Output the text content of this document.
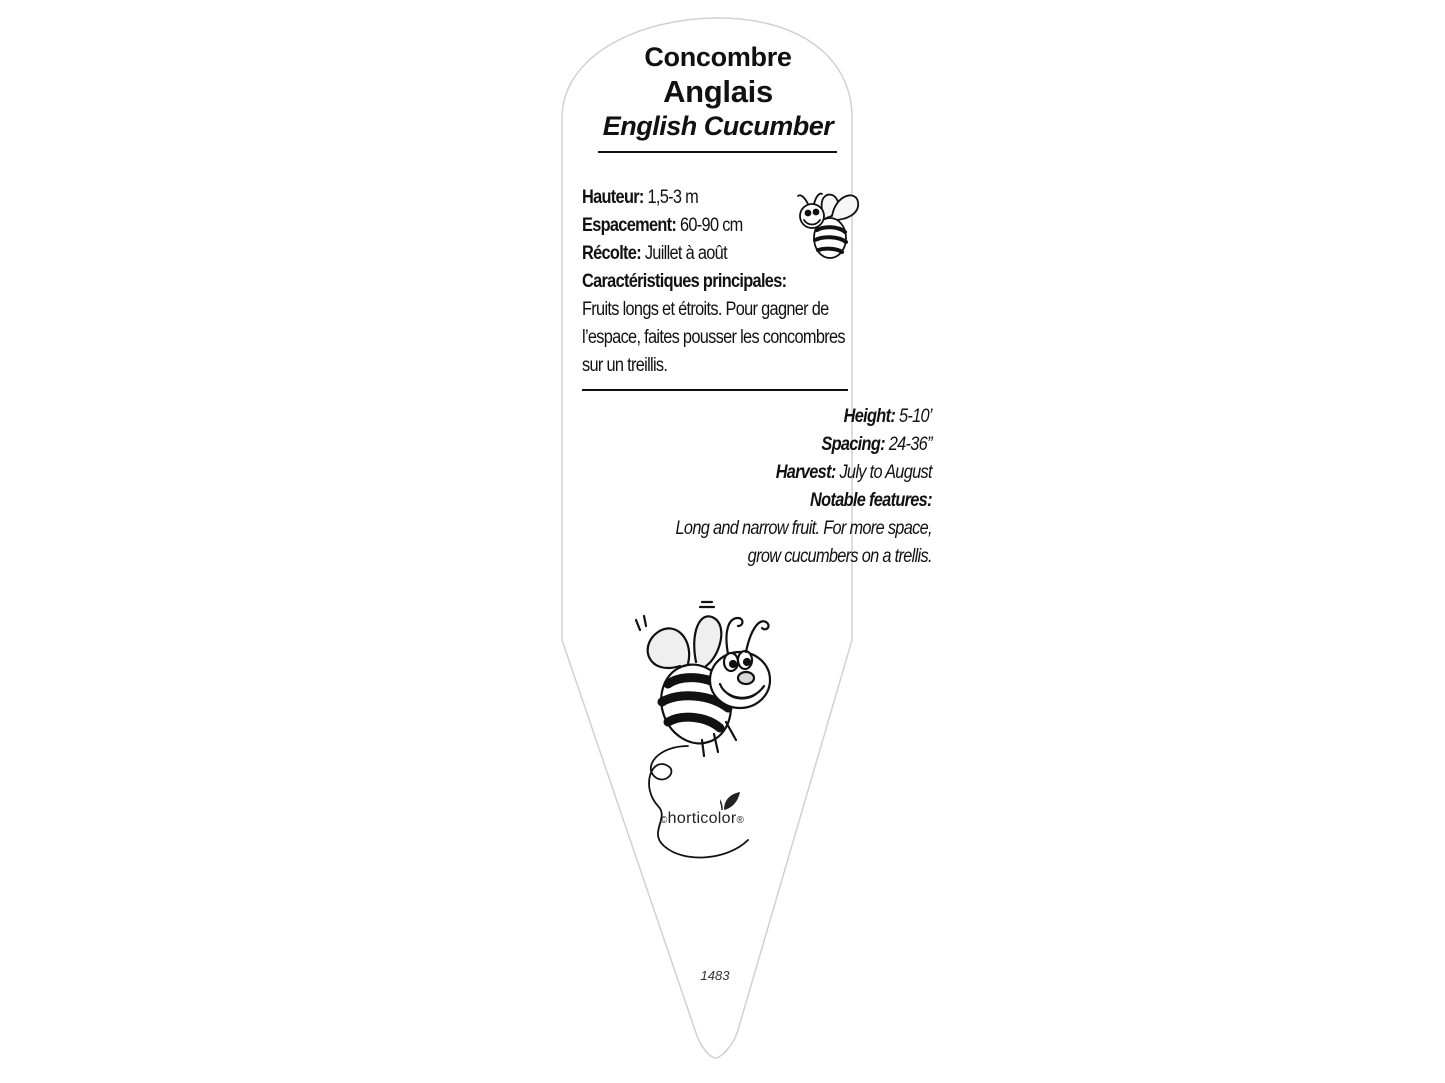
Concombre
Anglais
English Cucumber
Hauteur: 1,5-3 m
Espacement: 60-90 cm
Récolte: Juillet à août
Caractéristiques principales:
Fruits longs et étroits. Pour gagner de
l’espace, faites pousser les concombres
sur un treillis.
Height: 5-10’
Spacing: 24-36”
Harvest: July to August
Notable features:
Long and narrow fruit. For more space,
grow cucumbers on a trellis.
©horticolor®
1483
